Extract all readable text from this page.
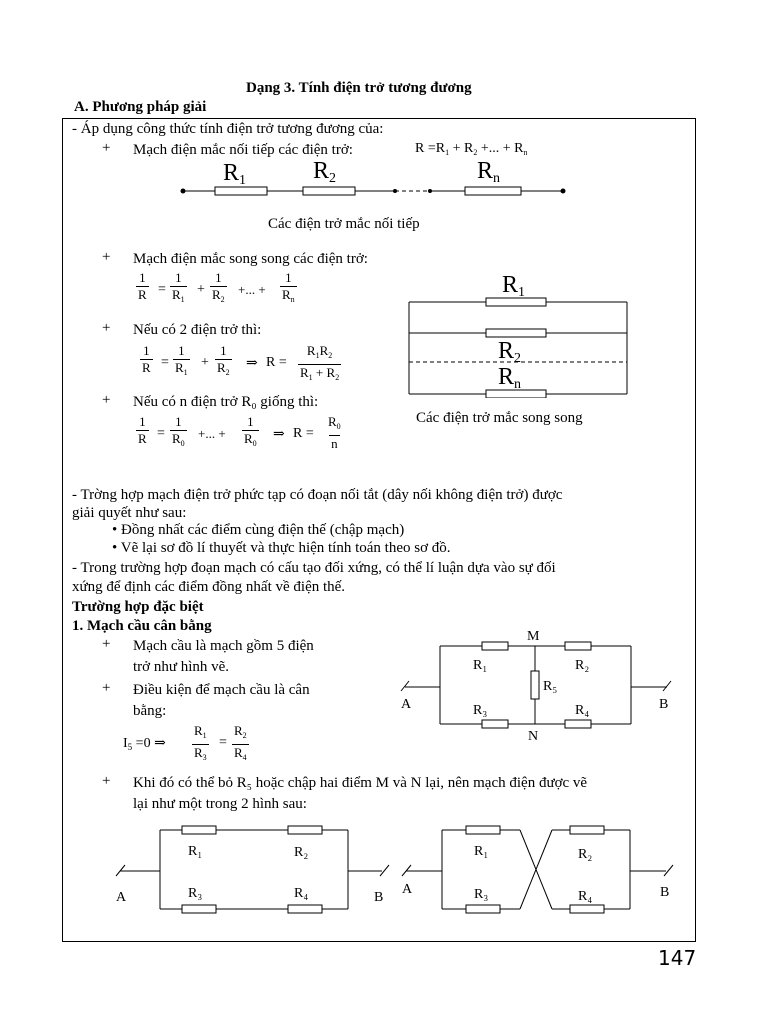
Dạng 3. Tính điện trở tương đương
A. Phương pháp giải
- Áp dụng công thức tính điện trở tương đương của:
+ Mạch điện mắc nối tiếp các điện trở:	$R =R_1 + R_2$ +... + $R_n$
R1	R2	Rn
Các điện trở mắc nối tiếp
+ Mạch điện mắc song song các điện trở:
$\frac{1}{R} = \frac{1}{R_1} + \frac{1}{R_2}$ +... + $\frac{1}{R_n}$
+ Nếu có 2 điện trở thì:
$\frac{1}{R} = \frac{1}{R_1} + \frac{1}{R_2}$ ⇒ $R = \frac{R_1R_2}{R_1 + R_2}$
+ Nếu có n điện trở R₀ giống thì:
$\frac{1}{R} = \frac{1}{R_0}$ +... + $\frac{1}{R_0}$ ⇒ $R = \frac{R_0}{n}$
R1
R2
Rn
Các điện trở mắc song song
- Trờng hợp mạch điện trở phức tạp có đoạn nối tắt (dây nối không điện trở) được
giải quyết như sau:
• Đồng nhất các điểm cùng điện thế (chập mạch)
• Vẽ lại sơ đồ lí thuyết và thực hiện tính toán theo sơ đồ.
- Trong trường hợp đoạn mạch có cấu tạo đối xứng, có thể lí luận dựa vào sự đối
xứng để định các điểm đồng nhất về điện thế.
Trường hợp đặc biệt
1. Mạch cầu cân bằng
+ Mạch cầu là mạch gồm 5 điện
trở như hình vẽ.
+ Điều kiện để mạch cầu là cân
bằng:
$I_5 =0$ ⇒ $\frac{R_1}{R_3} = \frac{R_2}{R_4}$
M
N
R₁	R₂
R₃	R₄
R₅
A	B
+ Khi đó có thể bỏ R₅ hoặc chập hai điểm M và N lại, nên mạch điện được vẽ
lại như một trong 2 hình sau:
R₁	R₂
R₃	R₄
A	B
R₁	R₂
R₃	R₄
A	B
147
